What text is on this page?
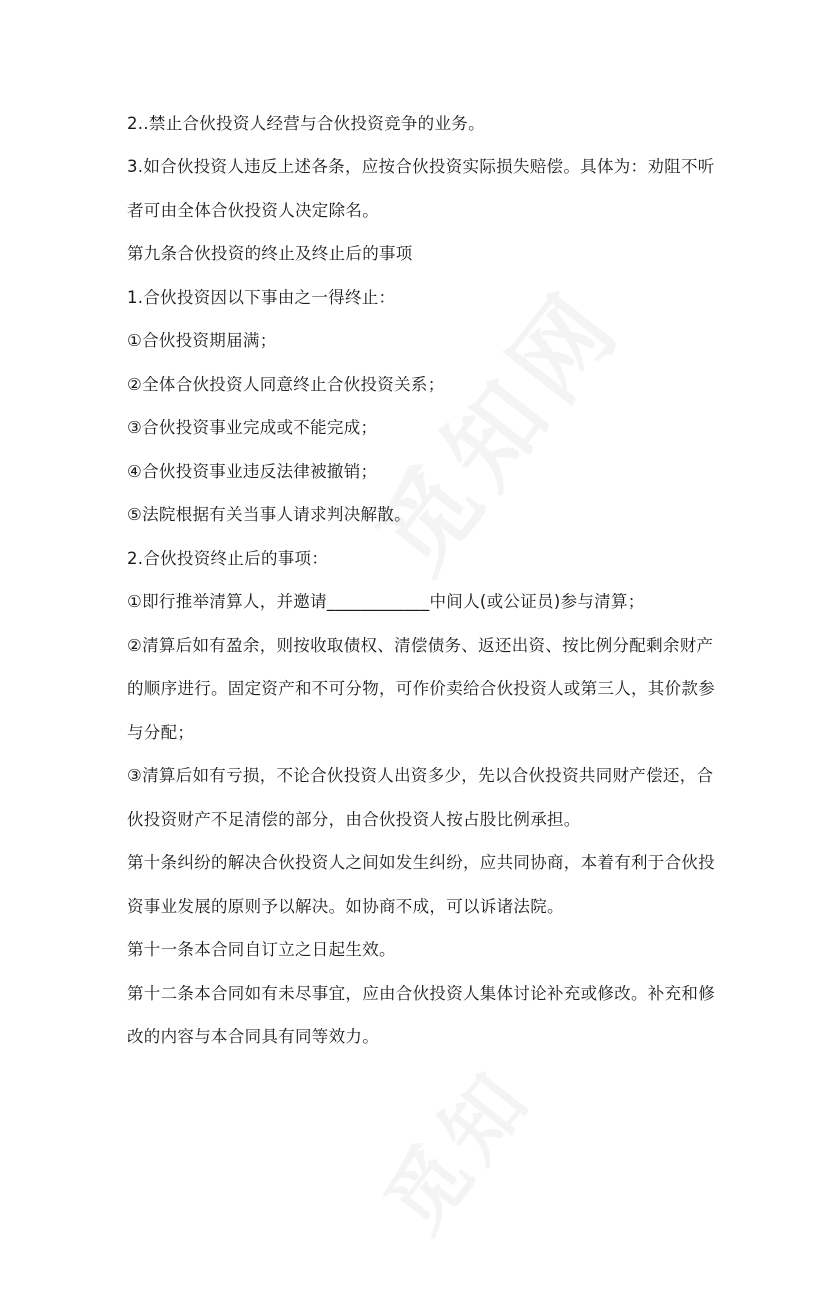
2..禁止合伙投资人经营与合伙投资竞争的业务。
3.如合伙投资人违反上述各条，应按合伙投资实际损失赔偿。具体为：劝阻不听
者可由全体合伙投资人决定除名。
第九条合伙投资的终止及终止后的事项
1.合伙投资因以下事由之一得终止：
①合伙投资期届满；
②全体合伙投资人同意终止合伙投资关系；
③合伙投资事业完成或不能完成；
④合伙投资事业违反法律被撤销；
⑤法院根据有关当事人请求判决解散。
2.合伙投资终止后的事项：
①即行推举清算人，并邀请____________中间人(或公证员)参与清算；
②清算后如有盈余，则按收取债权、清偿债务、返还出资、按比例分配剩余财产
的顺序进行。固定资产和不可分物，可作价卖给合伙投资人或第三人，其价款参
与分配；
③清算后如有亏损，不论合伙投资人出资多少，先以合伙投资共同财产偿还，合
伙投资财产不足清偿的部分，由合伙投资人按占股比例承担。
第十条纠纷的解决合伙投资人之间如发生纠纷，应共同协商，本着有利于合伙投
资事业发展的原则予以解决。如协商不成，可以诉诸法院。
第十一条本合同自订立之日起生效。
第十二条本合同如有未尽事宜，应由合伙投资人集体讨论补充或修改。补充和修
改的内容与本合同具有同等效力。
